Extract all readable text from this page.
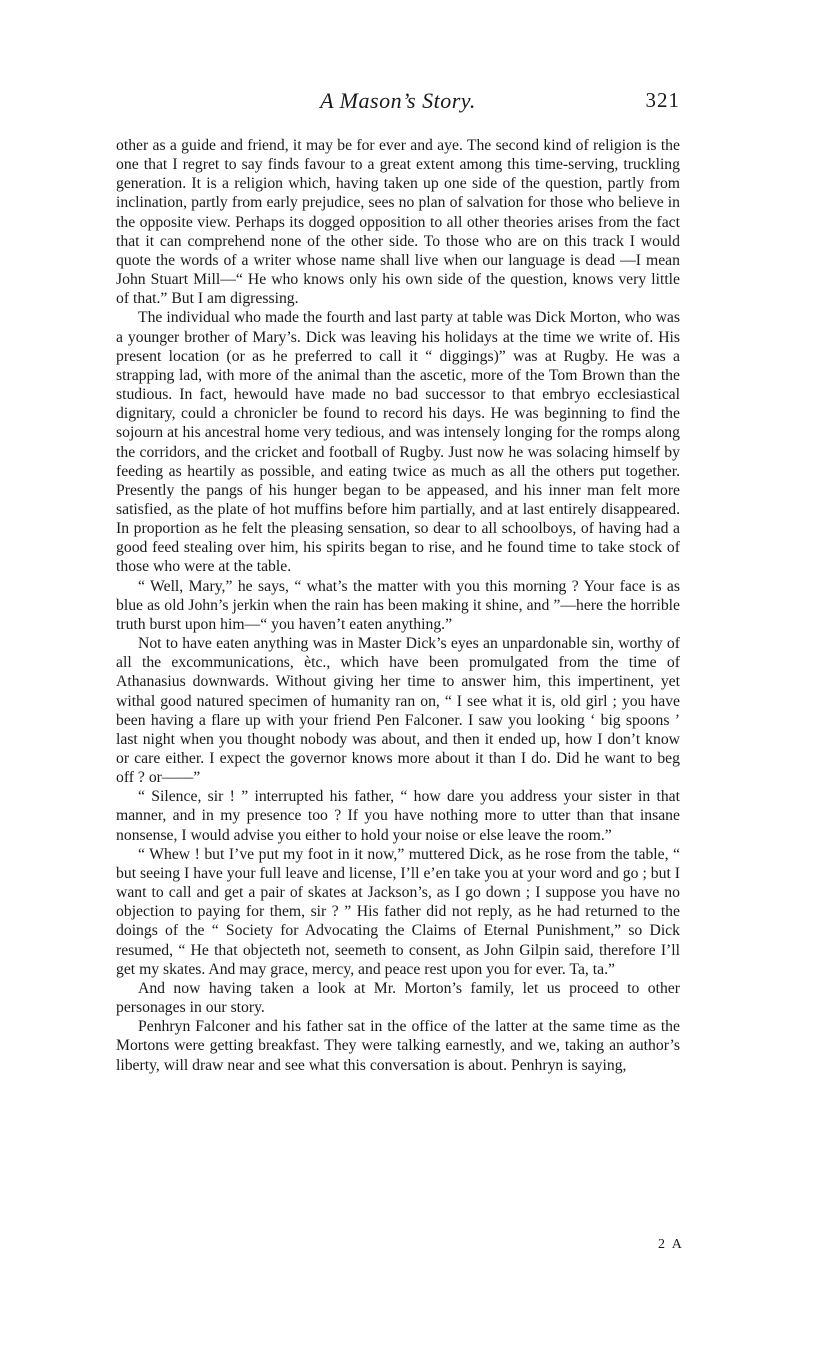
A Mason’s Story.	321

other as a guide and friend, it may be for ever and aye. The second kind of religion is the one that I regret to say finds favour to a great extent among this time-serving, truckling generation. It is a religion which, having taken up one side of the question, partly from inclination, partly from early prejudice, sees no plan of salvation for those who believe in the opposite view. Perhaps its dogged opposition to all other theories arises from the fact that it can comprehend none of the other side. To those who are on this track I would quote the words of a writer whose name shall live when our language is dead —I mean John Stuart Mill—“ He who knows only his own side of the question, knows very little of that.” But I am digressing.

The individual who made the fourth and last party at table was Dick Morton, who was a younger brother of Mary’s. Dick was leaving his holidays at the time we write of. His present location (or as he preferred to call it “ diggings)” was at Rugby. He was a strapping lad, with more of the animal than the ascetic, more of the Tom Brown than the studious. In fact, hewould have made no bad successor to that embryo ecclesiastical dignitary, could a chronicler be found to record his days. He was beginning to find the sojourn at his ancestral home very tedious, and was intensely longing for the romps along the corridors, and the cricket and football of Rugby. Just now he was solacing himself by feeding as heartily as possible, and eating twice as much as all the others put together. Presently the pangs of his hunger began to be appeased, and his inner man felt more satisfied, as the plate of hot muffins before him partially, and at last entirely disappeared. In proportion as he felt the pleasing sensation, so dear to all schoolboys, of having had a good feed stealing over him, his spirits began to rise, and he found time to take stock of those who were at the table.

“ Well, Mary,” he says, “ what’s the matter with you this morning ? Your face is as blue as old John’s jerkin when the rain has been making it shine, and ”—here the horrible truth burst upon him—“ you haven’t eaten anything.”

Not to have eaten anything was in Master Dick’s eyes an unpardonable sin, worthy of all the excommunications, ètc., which have been promulgated from the time of Athanasius downwards. Without giving her time to answer him, this impertinent, yet withal good natured specimen of humanity ran on, “ I see what it is, old girl ; you have been having a flare up with your friend Pen Falconer. I saw you looking ‘ big spoons ’ last night when you thought nobody was about, and then it ended up, how I don’t know or care either. I expect the governor knows more about it than I do. Did he want to beg off ? or——”

“ Silence, sir ! ” interrupted his father, “ how dare you address your sister in that manner, and in my presence too ? If you have nothing more to utter than that insane nonsense, I would advise you either to hold your noise or else leave the room.”

“ Whew ! but I’ve put my foot in it now,” muttered Dick, as he rose from the table, “ but seeing I have your full leave and license, I’ll e’en take you at your word and go ; but I want to call and get a pair of skates at Jackson’s, as I go down ; I suppose you have no objection to paying for them, sir ? ” His father did not reply, as he had returned to the doings of the “ Society for Advocating the Claims of Eternal Punishment,” so Dick resumed, “ He that objecteth not, seemeth to consent, as John Gilpin said, therefore I’ll get my skates. And may grace, mercy, and peace rest upon you for ever. Ta, ta.”

And now having taken a look at Mr. Morton’s family, let us proceed to other personages in our story.

Penhryn Falconer and his father sat in the office of the latter at the same time as the Mortons were getting breakfast. They were talking earnestly, and we, taking an author’s liberty, will draw near and see what this conversation is about. Penhryn is saying,

2 A
